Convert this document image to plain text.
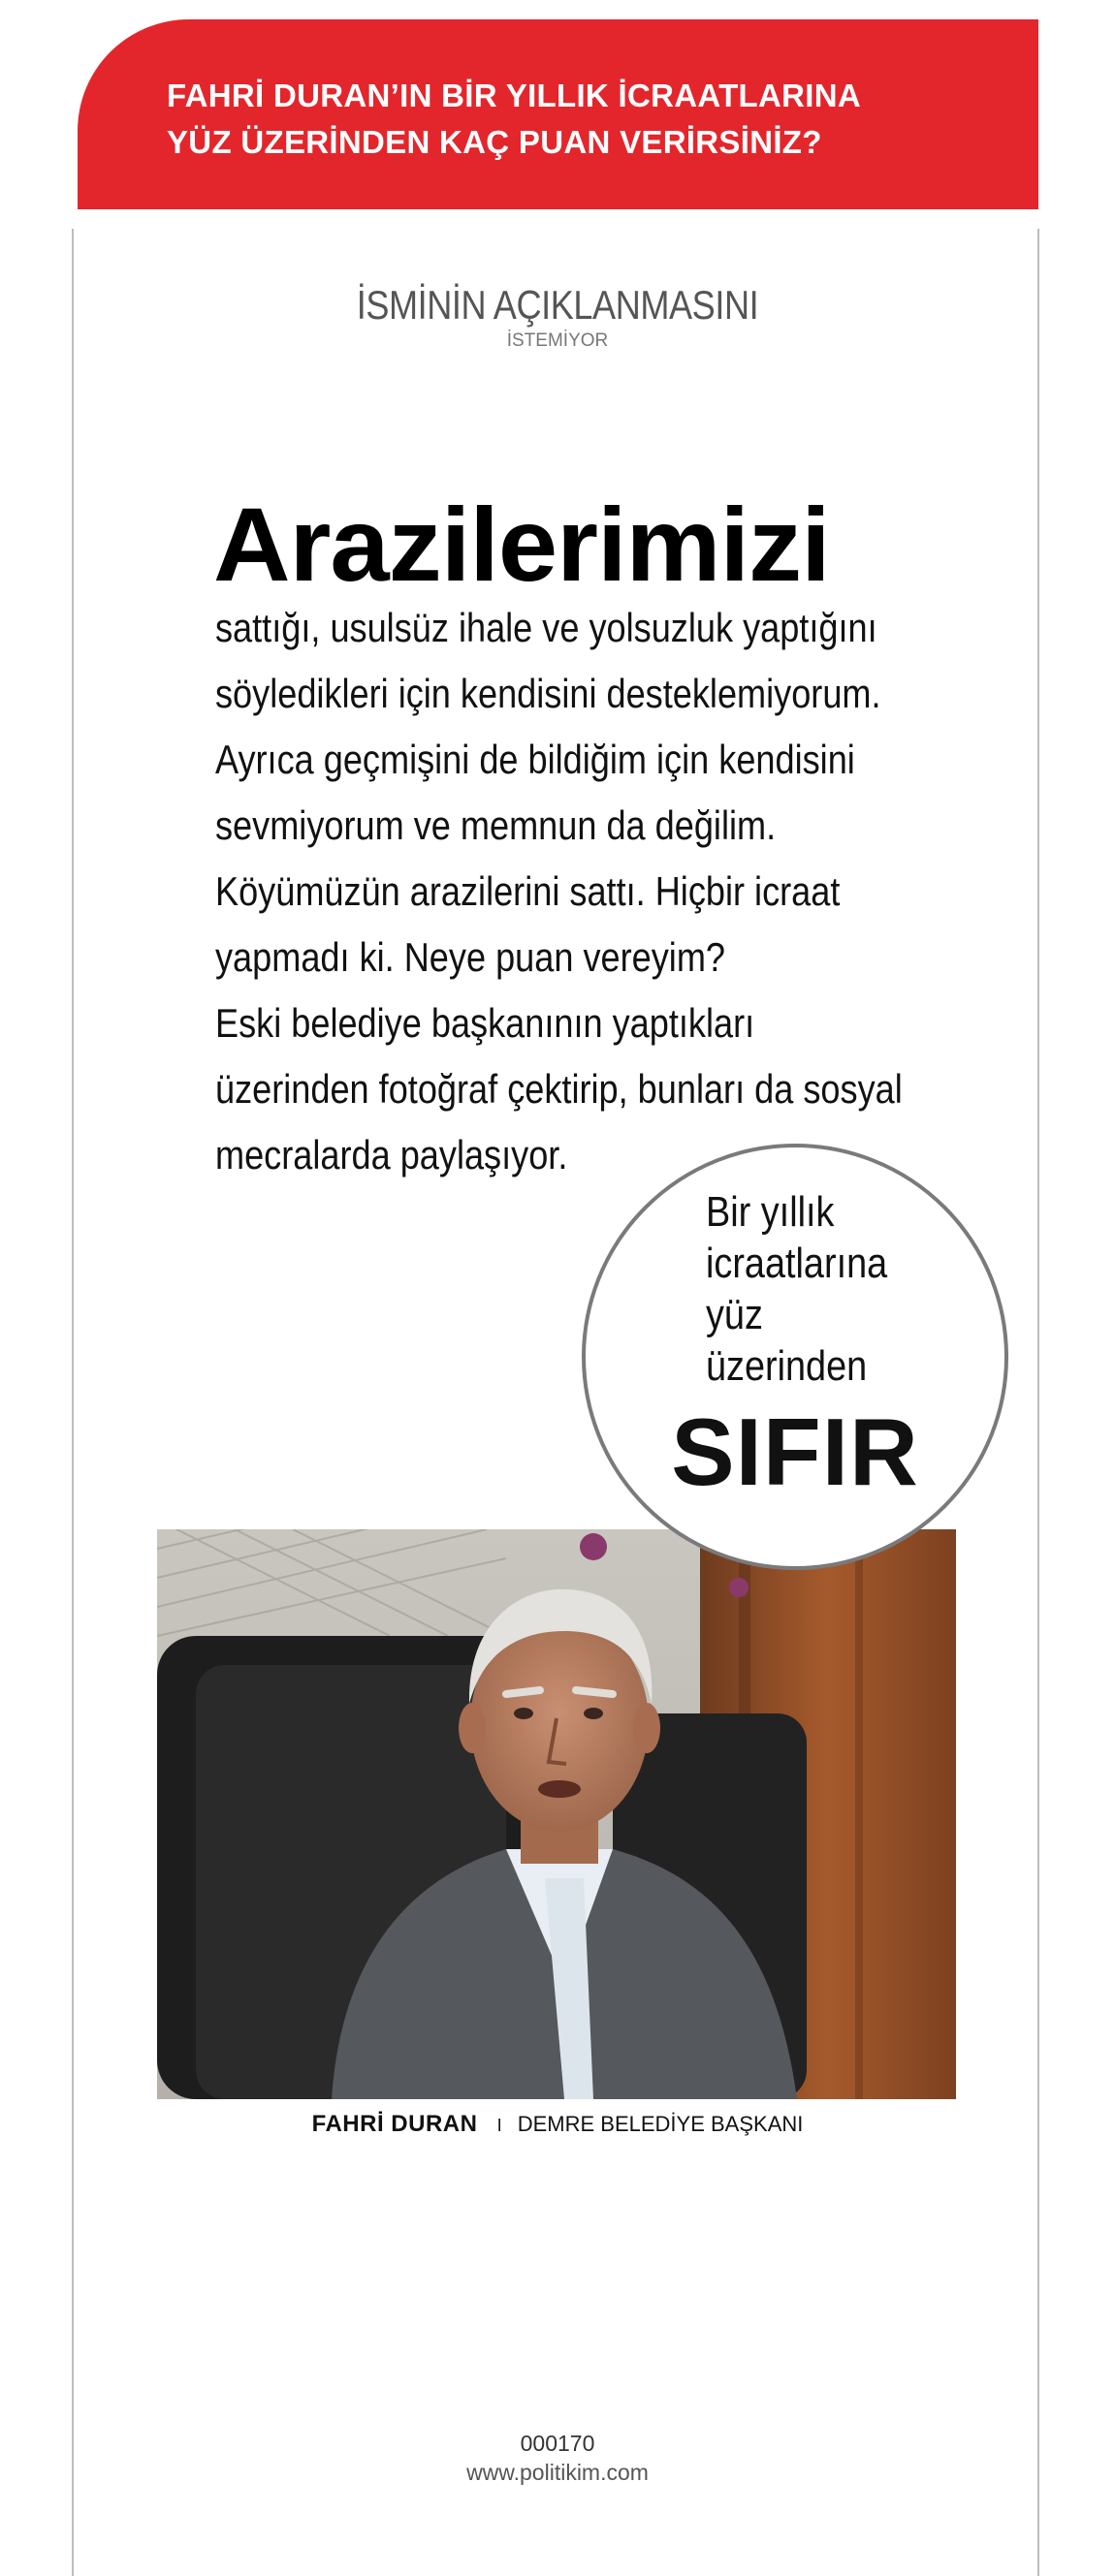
FAHRİ DURAN’IN BİR YILLIK İCRAATLARINA
YÜZ ÜZERİNDEN KAÇ PUAN VERİRSİNİZ?
İSMİNİN AÇIKLANMASINI
İSTEMİYOR
Arazilerimizi
sattığı, usulsüz ihale ve yolsuzluk yaptığını
söyledikleri için kendisini desteklemiyorum.
Ayrıca geçmişini de bildiğim için kendisini
sevmiyorum ve memnun da değilim.
Köyümüzün arazilerini sattı. Hiçbir icraat
yapmadı ki. Neye puan vereyim?
Eski belediye başkanının yaptıkları
üzerinden fotoğraf çektirip, bunları da sosyal
mecralarda paylaşıyor.
Bir yıllık
icraatlarına
yüz
üzerinden
SIFIR
FAHRİ DURAN I DEMRE BELEDİYE BAŞKANI
000170
www.politikim.com
